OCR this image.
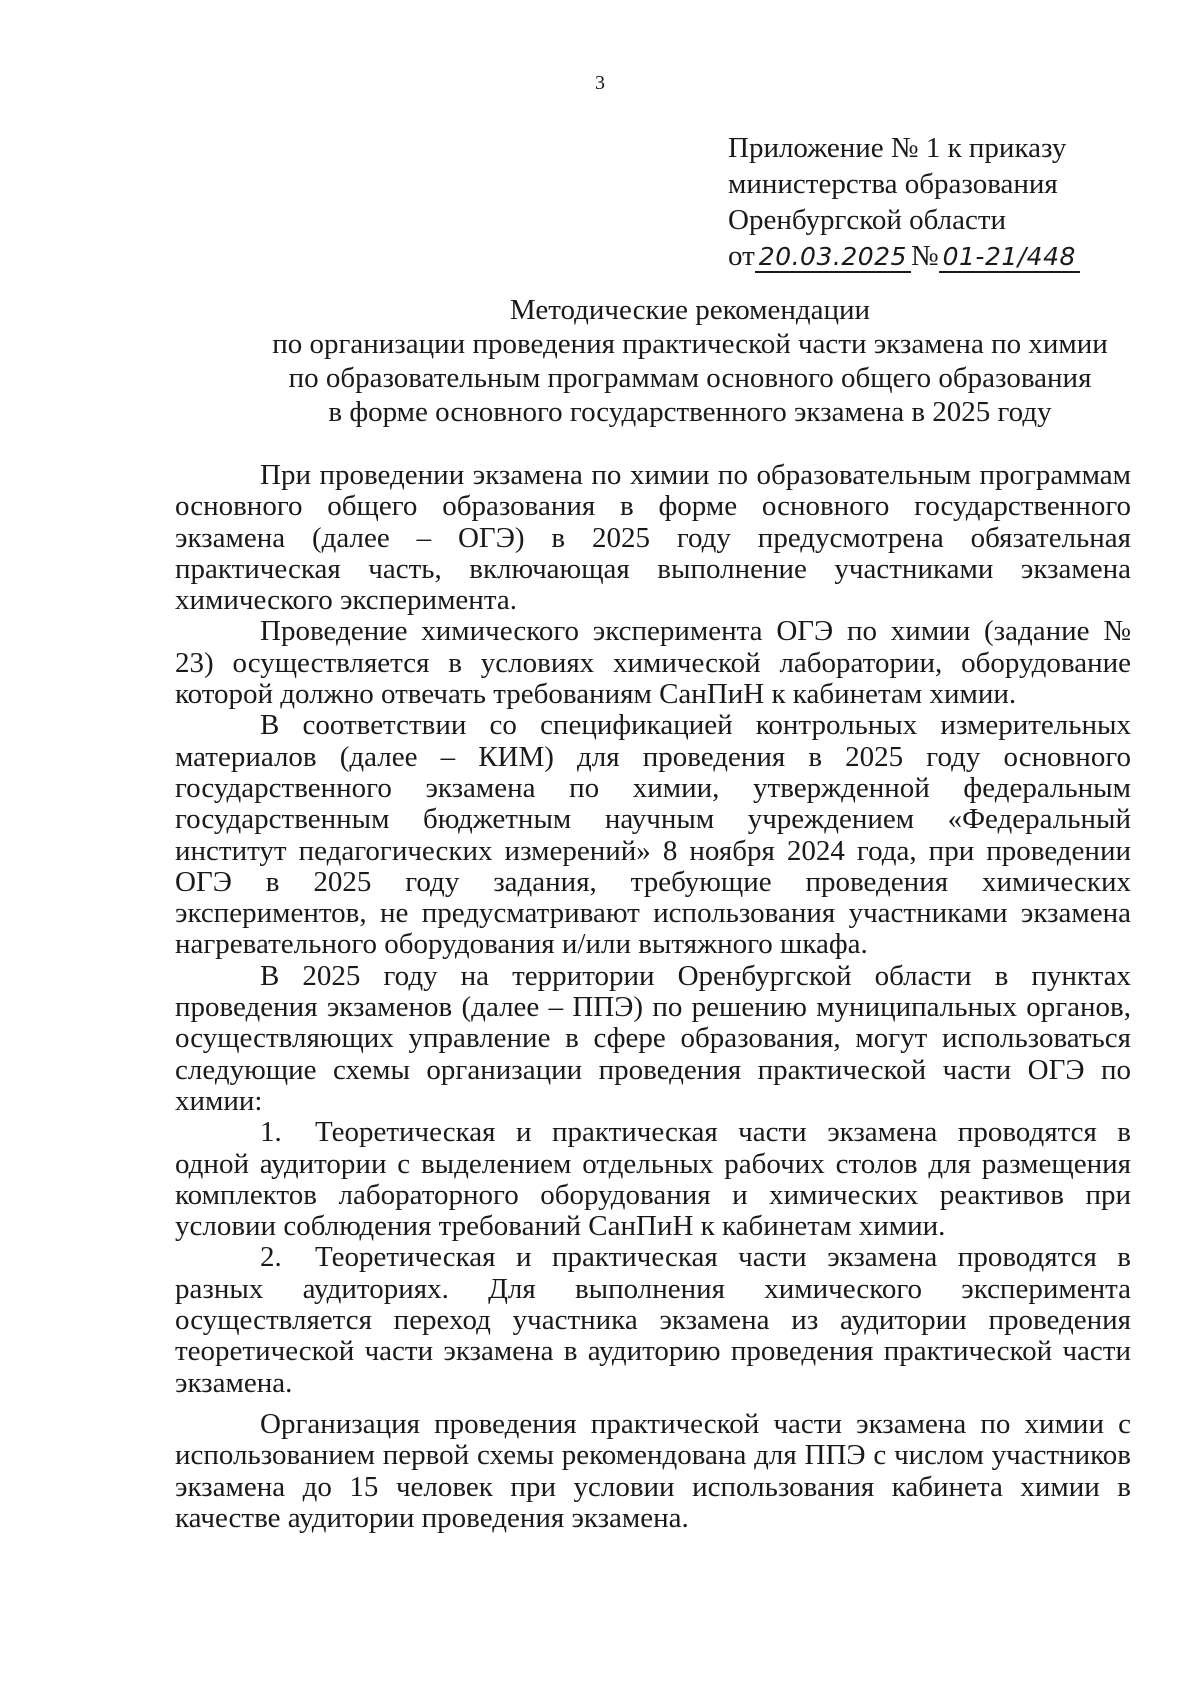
3
Приложение № 1 к приказу
министерства образования
Оренбургской области
от 20.03.2025 № 01-21/448
Методические рекомендации
по организации проведения практической части экзамена по химии
по образовательным программам основного общего образования
в форме основного государственного экзамена в 2025 году

При проведении экзамена по химии по образовательным программам основного общего образования в форме основного государственного экзамена (далее – ОГЭ) в 2025 году предусмотрена обязательная практическая часть, включающая выполнение участниками экзамена химического эксперимента.

Проведение химического эксперимента ОГЭ по химии (задание № 23) осуществляется в условиях химической лаборатории, оборудование которой должно отвечать требованиям СанПиН к кабинетам химии.

В соответствии со спецификацией контрольных измерительных материалов (далее – КИМ) для проведения в 2025 году основного государственного экзамена по химии, утвержденной федеральным государственным бюджетным научным учреждением «Федеральный институт педагогических измерений» 8 ноября 2024 года, при проведении ОГЭ в 2025 году задания, требующие проведения химических экспериментов, не предусматривают использования участниками экзамена нагревательного оборудования и/или вытяжного шкафа.

В 2025 году на территории Оренбургской области в пунктах проведения экзаменов (далее – ППЭ) по решению муниципальных органов, осуществляющих управление в сфере образования, могут использоваться следующие схемы организации проведения практической части ОГЭ по химии:

1. Теоретическая и практическая части экзамена проводятся в одной аудитории с выделением отдельных рабочих столов для размещения комплектов лабораторного оборудования и химических реактивов при условии соблюдения требований СанПиН к кабинетам химии.

2. Теоретическая и практическая части экзамена проводятся в разных аудиториях. Для выполнения химического эксперимента осуществляется переход участника экзамена из аудитории проведения теоретической части экзамена в аудиторию проведения практической части экзамена.

Организация проведения практической части экзамена по химии с использованием первой схемы рекомендована для ППЭ с числом участников экзамена до 15 человек при условии использования кабинета химии в качестве аудитории проведения экзамена.
